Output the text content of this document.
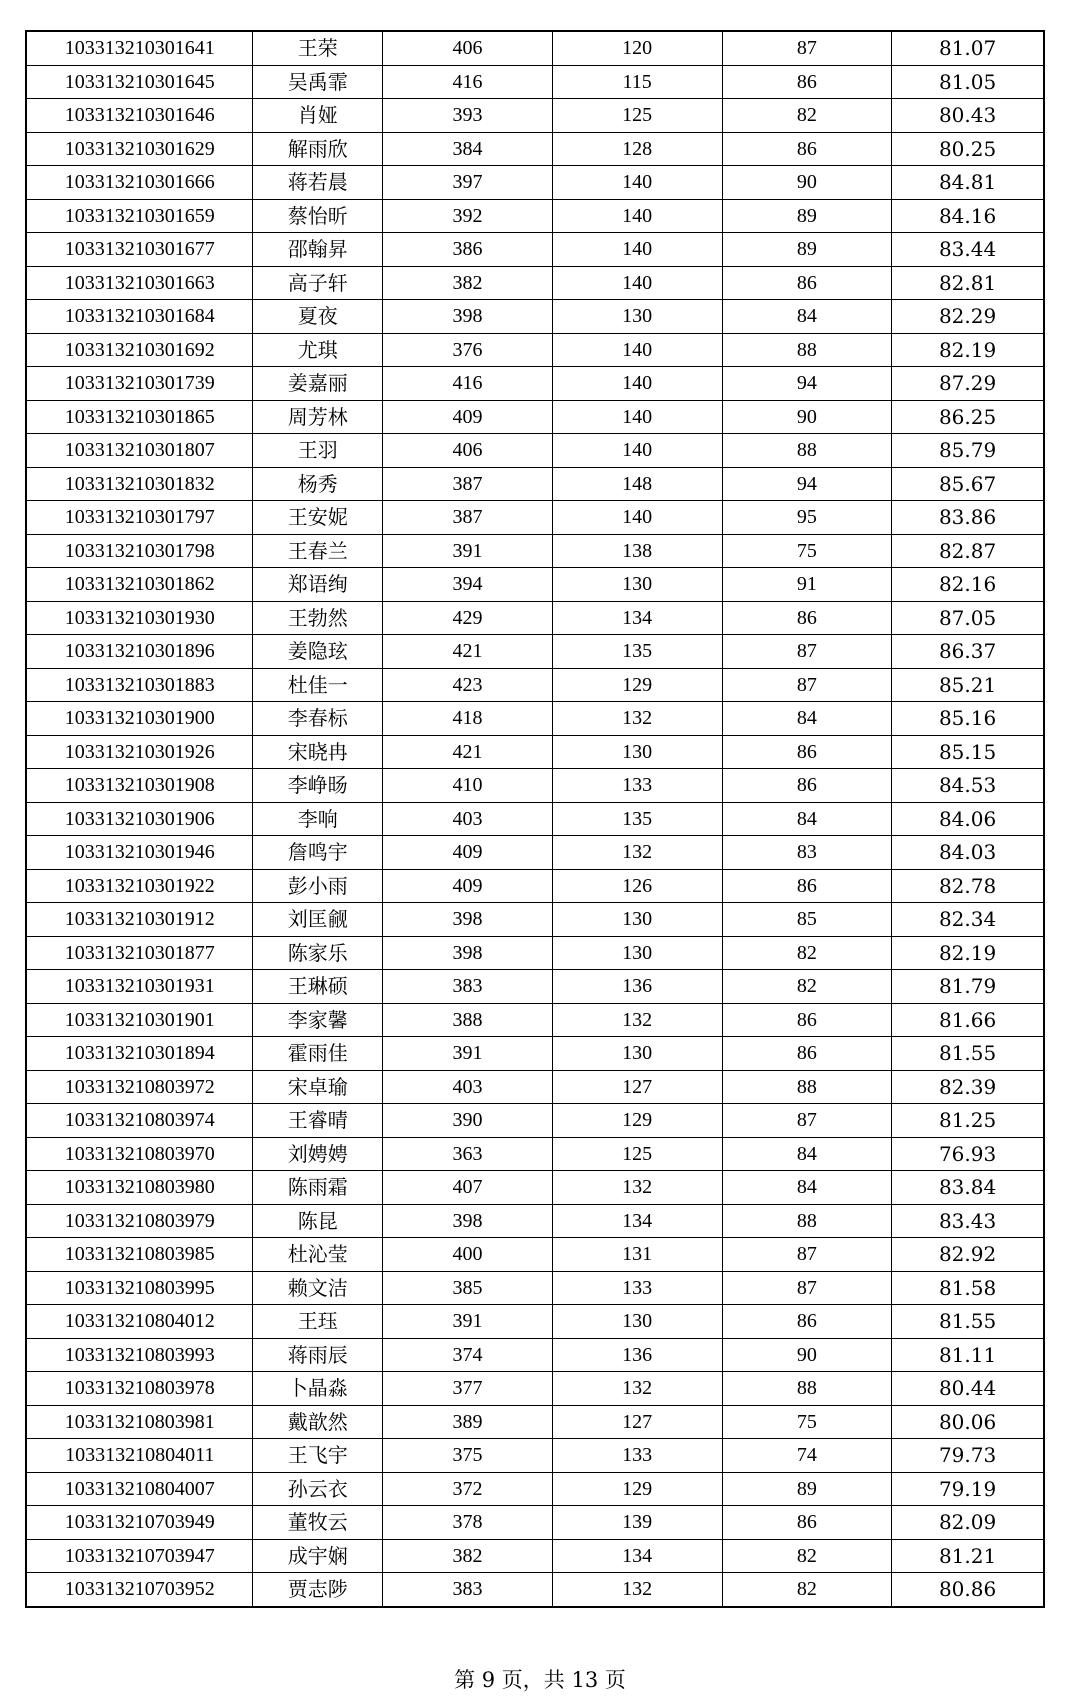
103313210301641	王荣	406	120	87	81.07
103313210301645	吴禹霏	416	115	86	81.05
103313210301646	肖娅	393	125	82	80.43
103313210301629	解雨欣	384	128	86	80.25
103313210301666	蒋若晨	397	140	90	84.81
103313210301659	蔡怡昕	392	140	89	84.16
103313210301677	邵翰昇	386	140	89	83.44
103313210301663	高子轩	382	140	86	82.81
103313210301684	夏夜	398	130	84	82.29
103313210301692	尤琪	376	140	88	82.19
103313210301739	姜嘉丽	416	140	94	87.29
103313210301865	周芳林	409	140	90	86.25
103313210301807	王羽	406	140	88	85.79
103313210301832	杨秀	387	148	94	85.67
103313210301797	王安妮	387	140	95	83.86
103313210301798	王春兰	391	138	75	82.87
103313210301862	郑语绚	394	130	91	82.16
103313210301930	王勃然	429	134	86	87.05
103313210301896	姜隐玹	421	135	87	86.37
103313210301883	杜佳一	423	129	87	85.21
103313210301900	李春标	418	132	84	85.16
103313210301926	宋晓冉	421	130	86	85.15
103313210301908	李峥旸	410	133	86	84.53
103313210301906	李响	403	135	84	84.06
103313210301946	詹鸣宇	409	132	83	84.03
103313210301922	彭小雨	409	126	86	82.78
103313210301912	刘匡觎	398	130	85	82.34
103313210301877	陈家乐	398	130	82	82.19
103313210301931	王琳硕	383	136	82	81.79
103313210301901	李家馨	388	132	86	81.66
103313210301894	霍雨佳	391	130	86	81.55
103313210803972	宋卓瑜	403	127	88	82.39
103313210803974	王睿晴	390	129	87	81.25
103313210803970	刘娉娉	363	125	84	76.93
103313210803980	陈雨霜	407	132	84	83.84
103313210803979	陈昆	398	134	88	83.43
103313210803985	杜沁莹	400	131	87	82.92
103313210803995	赖文洁	385	133	87	81.58
103313210804012	王珏	391	130	86	81.55
103313210803993	蒋雨辰	374	136	90	81.11
103313210803978	卜晶淼	377	132	88	80.44
103313210803981	戴歆然	389	127	75	80.06
103313210804011	王飞宇	375	133	74	79.73
103313210804007	孙云衣	372	129	89	79.19
103313210703949	董牧云	378	139	86	82.09
103313210703947	成宇娴	382	134	82	81.21
103313210703952	贾志陟	383	132	82	80.86
第 9 页，共 13 页
